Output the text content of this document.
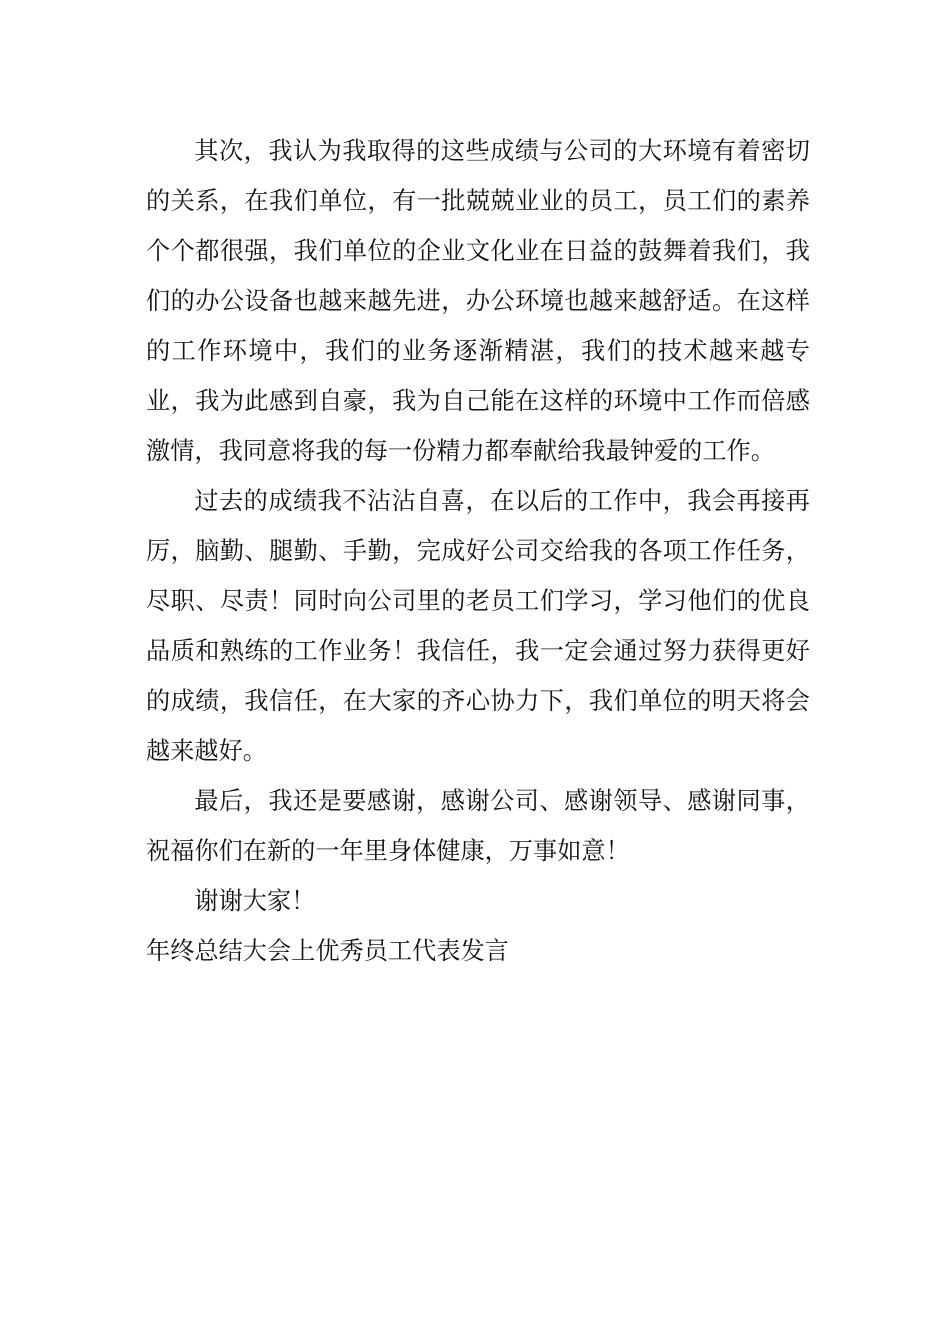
其次，我认为我取得的这些成绩与公司的大环境有着密切的关系，在我们单位，有一批兢兢业业的员工，员工们的素养个个都很强，我们单位的企业文化业在日益的鼓舞着我们，我们的办公设备也越来越先进，办公环境也越来越舒适。在这样的工作环境中，我们的业务逐渐精湛，我们的技术越来越专业，我为此感到自豪，我为自己能在这样的环境中工作而倍感激情，我同意将我的每一份精力都奉献给我最钟爱的工作。

过去的成绩我不沾沾自喜，在以后的工作中，我会再接再厉，脑勤、腿勤、手勤，完成好公司交给我的各项工作任务，尽职、尽责！同时向公司里的老员工们学习，学习他们的优良品质和熟练的工作业务！我信任，我一定会通过努力获得更好的成绩，我信任，在大家的齐心协力下，我们单位的明天将会越来越好。

最后，我还是要感谢，感谢公司、感谢领导、感谢同事，祝福你们在新的一年里身体健康，万事如意！

谢谢大家！

年终总结大会上优秀员工代表发言
